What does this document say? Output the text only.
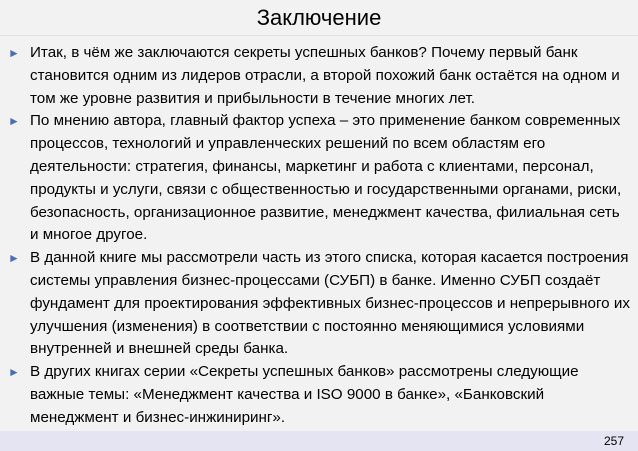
Заключение
► Итак, в чём же заключаются секреты успешных банков? Почему первый банк становится одним из лидеров отрасли, а второй похожий банк остаётся на одном и том же уровне развития и прибыльности в течение многих лет.
► По мнению автора, главный фактор успеха – это применение банком современных процессов, технологий и управленческих решений по всем областям его деятельности: стратегия, финансы, маркетинг и работа с клиентами, персонал, продукты и услуги, связи с общественностью и государственными органами, риски, безопасность, организационное развитие, менеджмент качества, филиальная сеть и многое другое.
► В данной книге мы рассмотрели часть из этого списка, которая касается построения системы управления бизнес-процессами (СУБП) в банке. Именно СУБП создаёт фундамент для проектирования эффективных бизнес-процессов и непрерывного их улучшения (изменения) в соответствии с постоянно меняющимися условиями внутренней и внешней среды банка.
► В других книгах серии «Секреты успешных банков» рассмотрены следующие важные темы: «Менеджмент качества и ISO 9000 в банке», «Банковский менеджмент и бизнес-инжиниринг».
257
